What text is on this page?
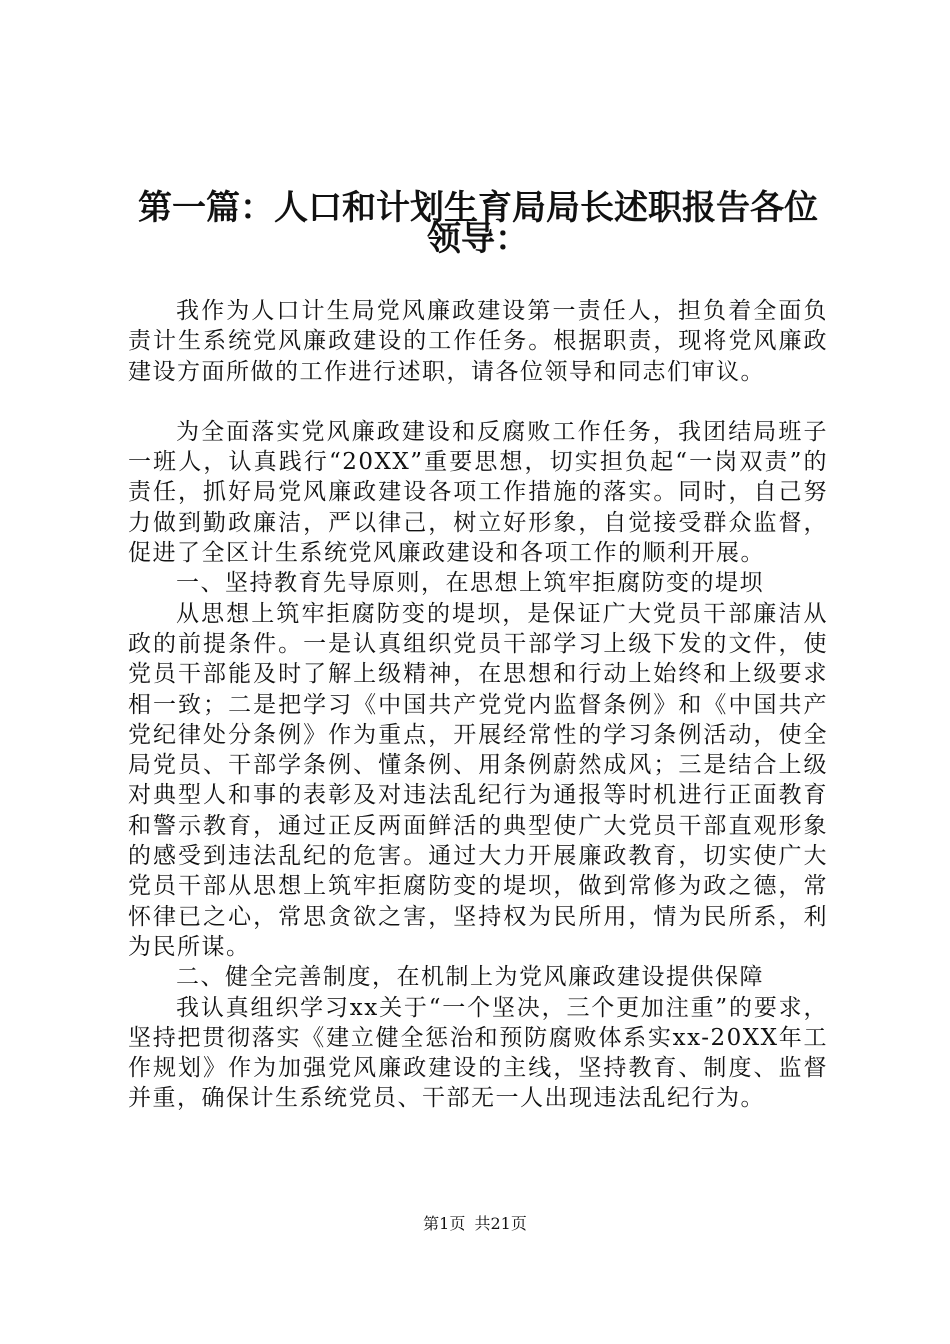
第一篇：人口和计划生育局局长述职报告各位
领导：

我作为人口计生局党风廉政建设第一责任人，担负着全面负责计生系统党风廉政建设的工作任务。根据职责，现将党风廉政建设方面所做的工作进行述职，请各位领导和同志们审议。

为全面落实党风廉政建设和反腐败工作任务，我团结局班子一班人，认真践行“20XX”重要思想，切实担负起“一岗双责”的责任，抓好局党风廉政建设各项工作措施的落实。同时，自己努力做到勤政廉洁，严以律己，树立好形象，自觉接受群众监督，促进了全区计生系统党风廉政建设和各项工作的顺利开展。

一、坚持教育先导原则，在思想上筑牢拒腐防变的堤坝

从思想上筑牢拒腐防变的堤坝，是保证广大党员干部廉洁从政的前提条件。一是认真组织党员干部学习上级下发的文件，使党员干部能及时了解上级精神，在思想和行动上始终和上级要求相一致；二是把学习《中国共产党党内监督条例》和《中国共产党纪律处分条例》作为重点，开展经常性的学习条例活动，使全局党员、干部学条例、懂条例、用条例蔚然成风；三是结合上级对典型人和事的表彰及对违法乱纪行为通报等时机进行正面教育和警示教育，通过正反两面鲜活的典型使广大党员干部直观形象的感受到违法乱纪的危害。通过大力开展廉政教育，切实使广大党员干部从思想上筑牢拒腐防变的堤坝，做到常修为政之德，常怀律已之心，常思贪欲之害，坚持权为民所用，情为民所系，利为民所谋。

二、健全完善制度，在机制上为党风廉政建设提供保障

我认真组织学习xx关于“一个坚决，三个更加注重”的要求，坚持把贯彻落实《建立健全惩治和预防腐败体系实xx-20XX年工作规划》作为加强党风廉政建设的主线，坚持教育、制度、监督并重，确保计生系统党员、干部无一人出现违法乱纪行为。

第1页 共21页
